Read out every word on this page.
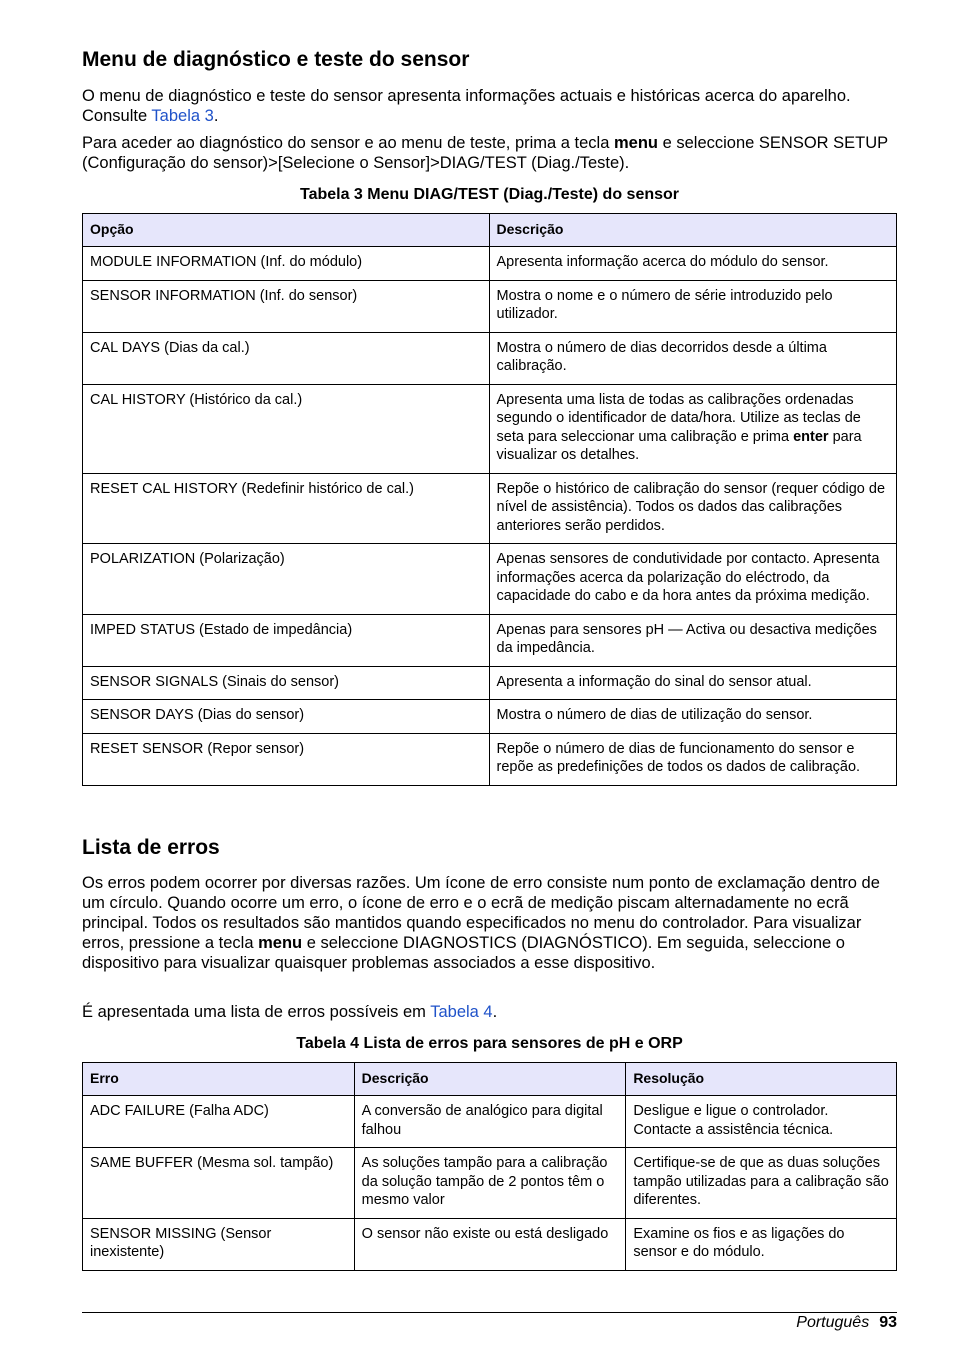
Menu de diagnóstico e teste do sensor

O menu de diagnóstico e teste do sensor apresenta informações actuais e históricas acerca do aparelho. Consulte Tabela 3.

Para aceder ao diagnóstico do sensor e ao menu de teste, prima a tecla menu e seleccione SENSOR SETUP (Configuração do sensor)>[Selecione o Sensor]>DIAG/TEST (Diag./Teste).

Tabela 3 Menu DIAG/TEST (Diag./Teste) do sensor
Opção	Descrição
MODULE INFORMATION (Inf. do módulo)	Apresenta informação acerca do módulo do sensor.
SENSOR INFORMATION (Inf. do sensor)	Mostra o nome e o número de série introduzido pelo utilizador.
CAL DAYS (Dias da cal.)	Mostra o número de dias decorridos desde a última calibração.
CAL HISTORY (Histórico da cal.)	Apresenta uma lista de todas as calibrações ordenadas segundo o identificador de data/hora. Utilize as teclas de seta para seleccionar uma calibração e prima enter para visualizar os detalhes.
RESET CAL HISTORY (Redefinir histórico de cal.)	Repõe o histórico de calibração do sensor (requer código de nível de assistência). Todos os dados das calibrações anteriores serão perdidos.
POLARIZATION (Polarização)	Apenas sensores de condutividade por contacto. Apresenta informações acerca da polarização do eléctrodo, da capacidade do cabo e da hora antes da próxima medição.
IMPED STATUS (Estado de impedância)	Apenas para sensores pH — Activa ou desactiva medições da impedância.
SENSOR SIGNALS (Sinais do sensor)	Apresenta a informação do sinal do sensor atual.
SENSOR DAYS (Dias do sensor)	Mostra o número de dias de utilização do sensor.
RESET SENSOR (Repor sensor)	Repõe o número de dias de funcionamento do sensor e repõe as predefinições de todos os dados de calibração.
Lista de erros

Os erros podem ocorrer por diversas razões. Um ícone de erro consiste num ponto de exclamação dentro de um círculo. Quando ocorre um erro, o ícone de erro e o ecrã de medição piscam alternadamente no ecrã principal. Todos os resultados são mantidos quando especificados no menu do controlador. Para visualizar erros, pressione a tecla menu e seleccione DIAGNOSTICS (DIAGNÓSTICO). Em seguida, seleccione o dispositivo para visualizar quaisquer problemas associados a esse dispositivo.

É apresentada uma lista de erros possíveis em Tabela 4.

Tabela 4 Lista de erros para sensores de pH e ORP
Erro	Descrição	Resolução
ADC FAILURE (Falha ADC)	A conversão de analógico para digital falhou	Desligue e ligue o controlador. Contacte a assistência técnica.
SAME BUFFER (Mesma sol. tampão)	As soluções tampão para a calibração da solução tampão de 2 pontos têm o mesmo valor	Certifique-se de que as duas soluções tampão utilizadas para a calibração são diferentes.
SENSOR MISSING (Sensor inexistente)	O sensor não existe ou está desligado	Examine os fios e as ligações do sensor e do módulo.
Português 93
